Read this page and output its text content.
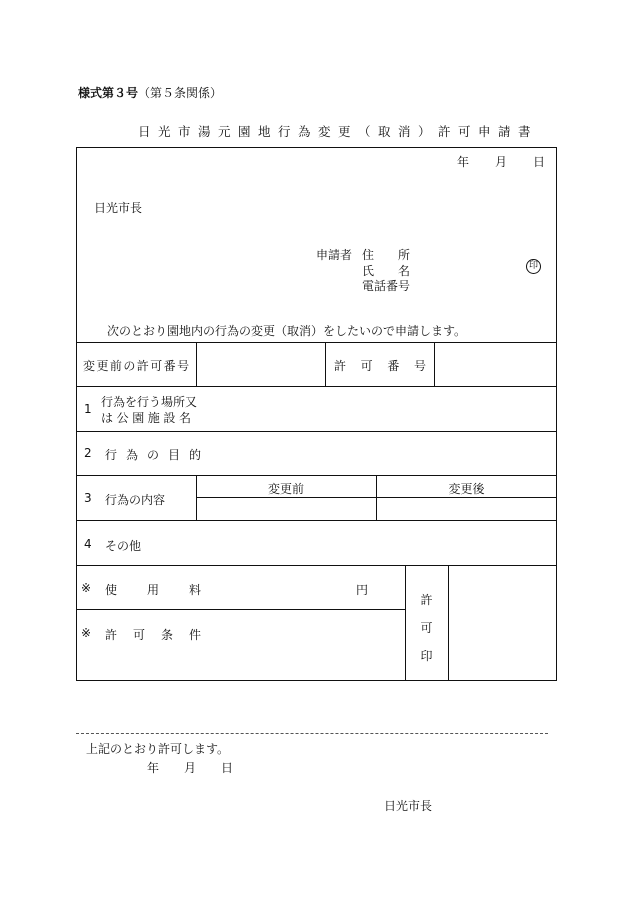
様式第３号（第５条関係）
日光市湯元園地行為変更（取消）許可申請書
年 月 日
日光市長
申請者 住 所
氏 名
電話番号
印
次のとおり園地内の行為の変更（取消）をしたいので申請します。
変更前の許可番号	許 可 番 号
1 行為を行う場所又
は公園施設名
2 行 為 の 目 的
3 行為の内容
変更前	変更後
4 その他
※ 使 用 料	円
※ 許 可 条 件
許
可
印
上記のとおり許可します。
年 月 日
日光市長
